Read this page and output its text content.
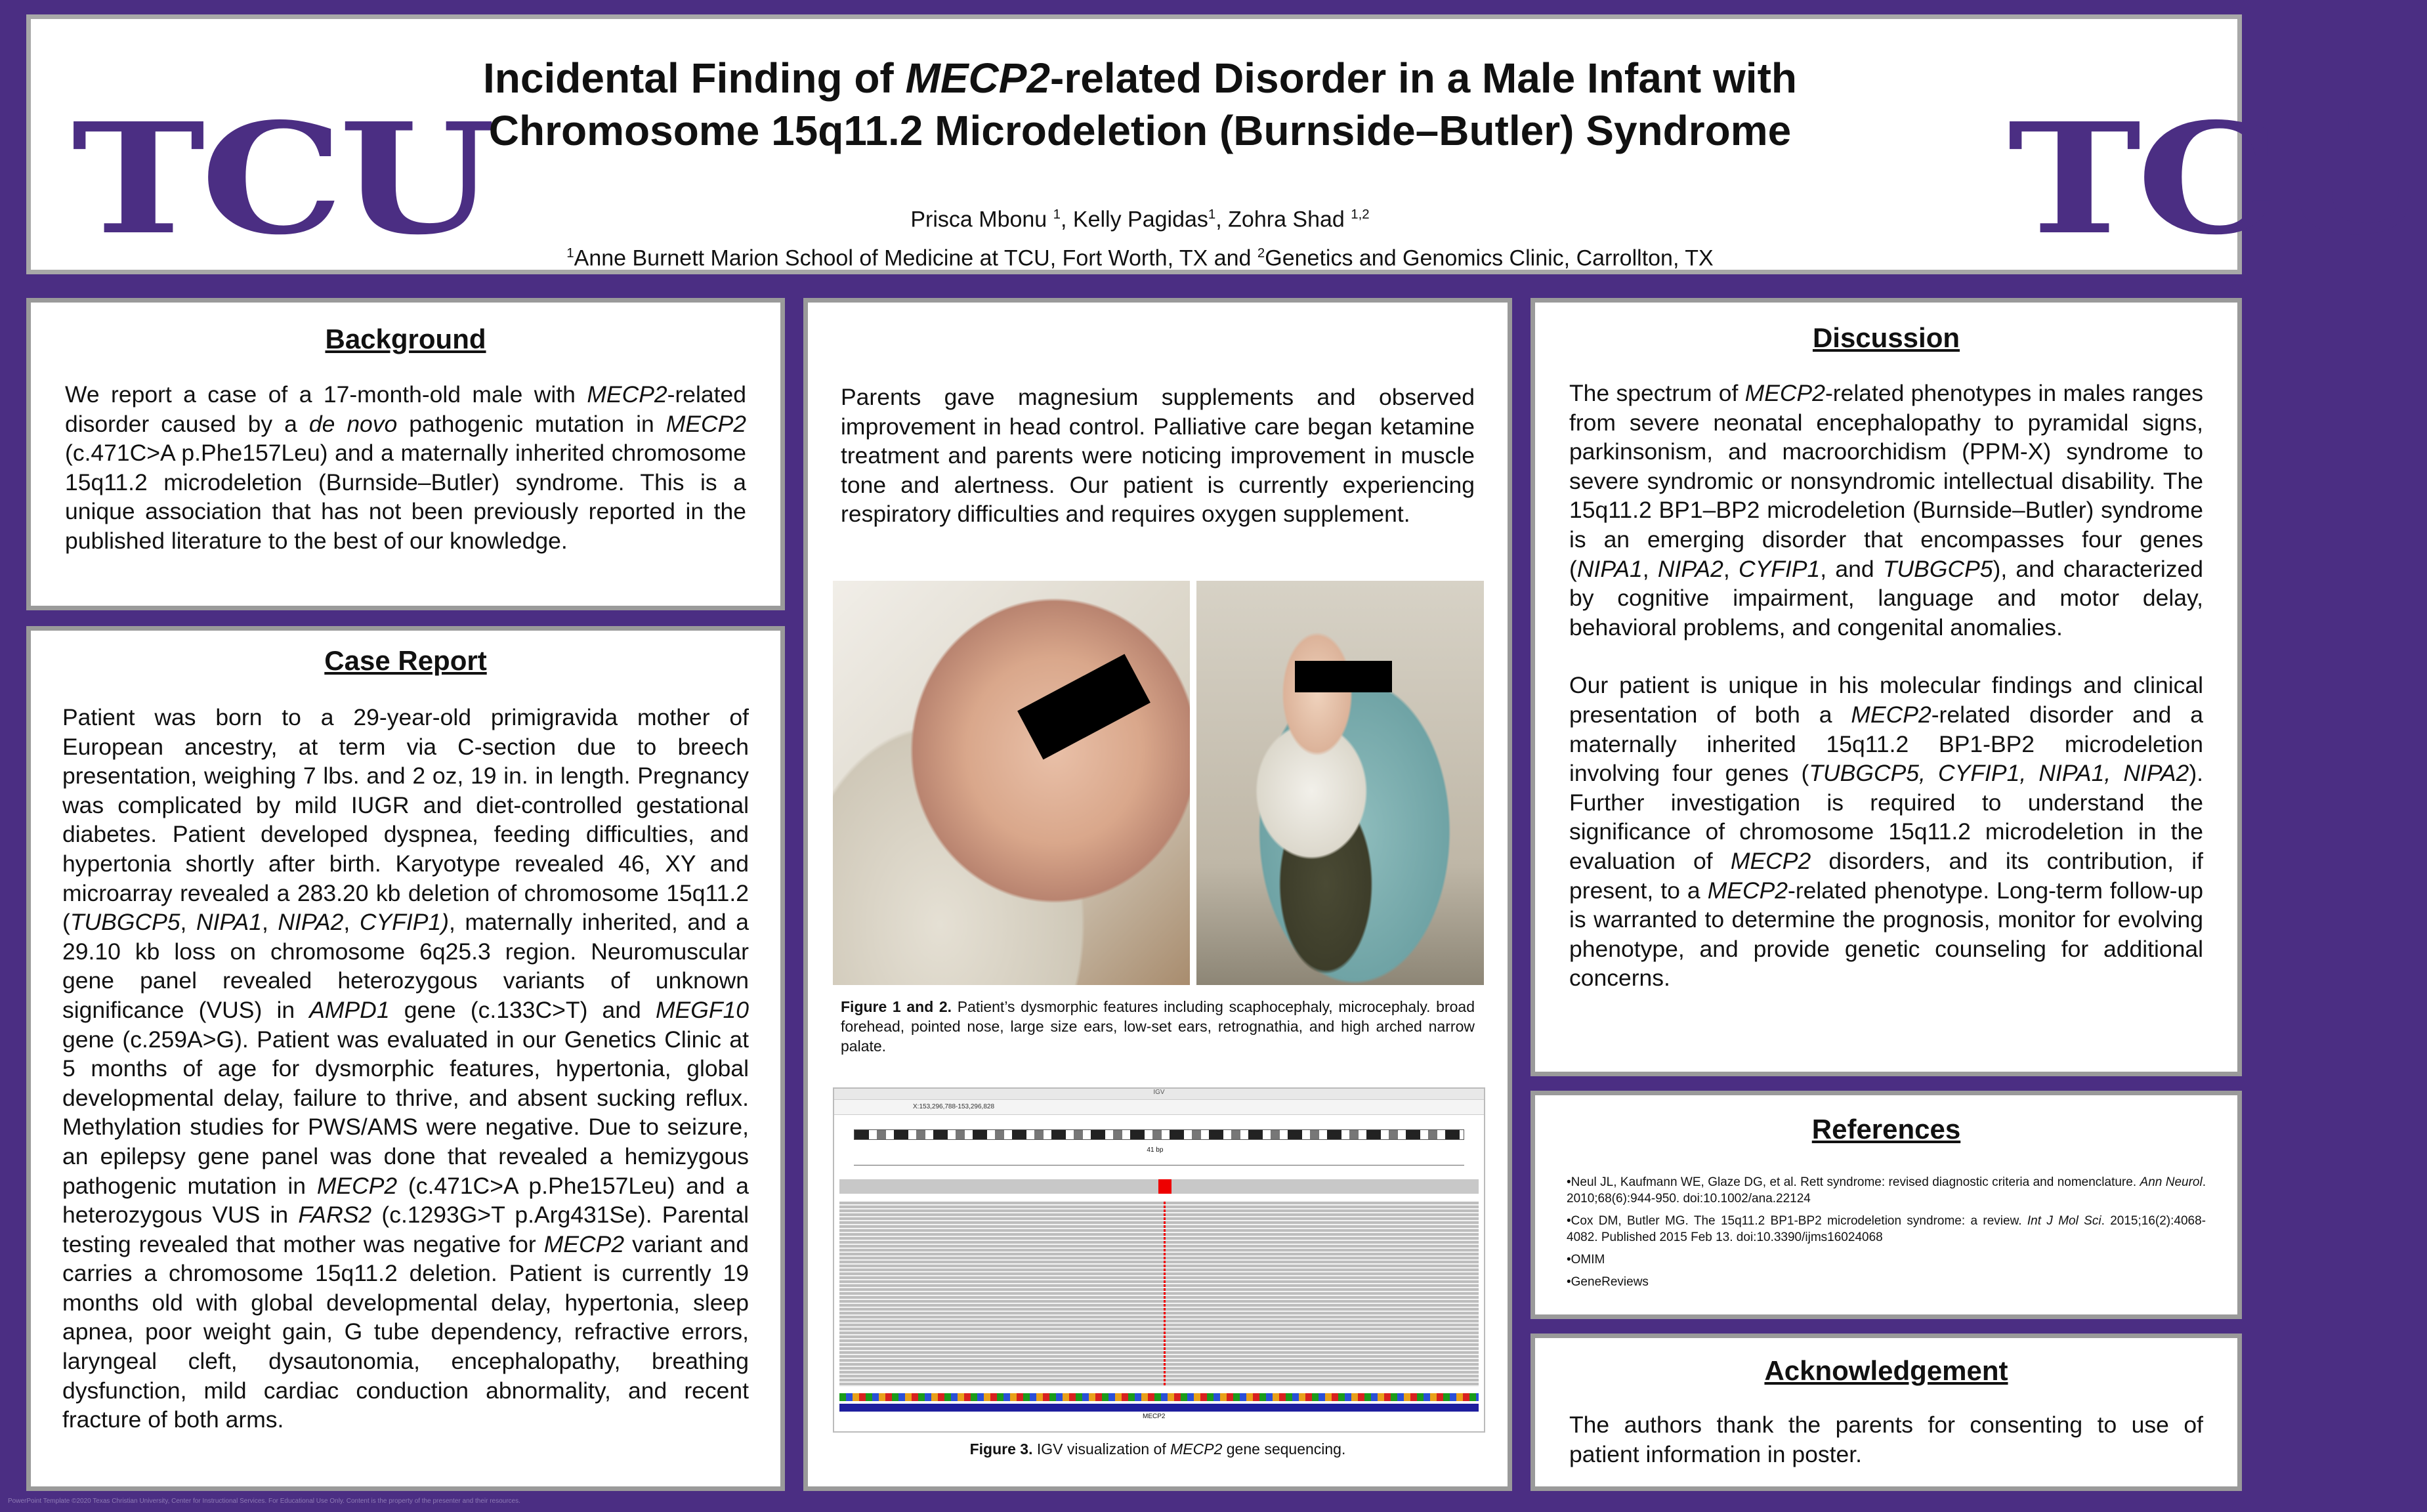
TCU
Incidental Finding of MECP2-related Disorder in a Male Infant with
Chromosome 15q11.2 Microdeletion (Burnside–Butler) Syndrome
Prisca Mbonu $^1$, Kelly Pagidas$^1$, Zohra Shad $^{1,2}$
$^1$Anne Burnett Marion School of Medicine at TCU, Fort Worth, TX and $^2$Genetics and Genomics Clinic, Carrollton, TX	TCU
Background
We report a case of a 17-month-old male with MECP2-related disorder caused by a de novo pathogenic mutation in MECP2 (c.471C>A p.Phe157Leu) and a maternally inherited chromosome 15q11.2 microdeletion (Burnside–Butler) syndrome. This is a unique association that has not been previously reported in the published literature to the best of our knowledge.
Case Report
Patient was born to a 29-year-old primigravida mother of European ancestry, at term via C-section due to breech presentation, weighing 7 lbs. and 2 oz, 19 in. in length. Pregnancy was complicated by mild IUGR and diet-controlled gestational diabetes. Patient developed dyspnea, feeding difficulties, and hypertonia shortly after birth. Karyotype revealed 46, XY and microarray revealed a 283.20 kb deletion of chromosome 15q11.2 (TUBGCP5, NIPA1, NIPA2, CYFIP1), maternally inherited, and a 29.10 kb loss on chromosome 6q25.3 region. Neuromuscular gene panel revealed heterozygous variants of unknown significance (VUS) in AMPD1 gene (c.133C>T) and MEGF10 gene (c.259A>G). Patient was evaluated in our Genetics Clinic at 5 months of age for dysmorphic features, hypertonia, global developmental delay, failure to thrive, and absent sucking reflux. Methylation studies for PWS/AMS were negative. Due to seizure, an epilepsy gene panel was done that revealed a hemizygous pathogenic mutation in MECP2 (c.471C>A p.Phe157Leu) and a heterozygous VUS in FARS2 (c.1293G>T p.Arg431Se). Parental testing revealed that mother was negative for MECP2 variant and carries a chromosome 15q11.2 deletion. Patient is currently 19 months old with global developmental delay, hypertonia, sleep apnea, poor weight gain, G tube dependency, refractive errors, laryngeal cleft, dysautonomia, encephalopathy, breathing dysfunction, mild cardiac conduction abnormality, and recent fracture of both arms.
Parents gave magnesium supplements and observed improvement in head control. Palliative care began ketamine treatment and parents were noticing improvement in muscle tone and alertness. Our patient is currently experiencing respiratory difficulties and requires oxygen supplement.
Figure 1 and 2. Patient’s dysmorphic features including scaphocephaly, microcephaly. broad forehead, pointed nose, large size ears, low-set ears, retrognathia, and high arched narrow palate.
IGV
X:153,296,788-153,296,828
41 bp
MECP2
Figure 3. IGV visualization of MECP2 gene sequencing.
Discussion

The spectrum of MECP2-related phenotypes in males ranges from severe neonatal encephalopathy to pyramidal signs, parkinsonism, and macroorchidism (PPM-X) syndrome to severe syndromic or nonsyndromic intellectual disability. The 15q11.2 BP1–BP2 microdeletion (Burnside–Butler) syndrome is an emerging disorder that encompasses four genes (NIPA1, NIPA2, CYFIP1, and TUBGCP5), and characterized by cognitive impairment, language and motor delay, behavioral problems, and congenital anomalies.

Our patient is unique in his molecular findings and clinical presentation of both a MECP2-related disorder and a maternally inherited 15q11.2 BP1-BP2 microdeletion involving four genes (TUBGCP5, CYFIP1, NIPA1, NIPA2). Further investigation is required to understand the significance of chromosome 15q11.2 microdeletion in the evaluation of MECP2 disorders, and its contribution, if present, to a MECP2-related phenotype. Long-term follow-up is warranted to determine the prognosis, monitor for evolving phenotype, and provide genetic counseling for additional concerns.

References

•Neul JL, Kaufmann WE, Glaze DG, et al. Rett syndrome: revised diagnostic criteria and nomenclature. Ann Neurol. 2010;68(6):944-950. doi:10.1002/ana.22124

•Cox DM, Butler MG. The 15q11.2 BP1-BP2 microdeletion syndrome: a review. Int J Mol Sci. 2015;16(2):4068-4082. Published 2015 Feb 13. doi:10.3390/ijms16024068

•OMIM

•GeneReviews

Acknowledgement
The authors thank the parents for consenting to use of patient information in poster.
PowerPoint Template ©2020 Texas Christian University, Center for Instructional Services. For Educational Use Only. Content is the property of the presenter and their resources.
